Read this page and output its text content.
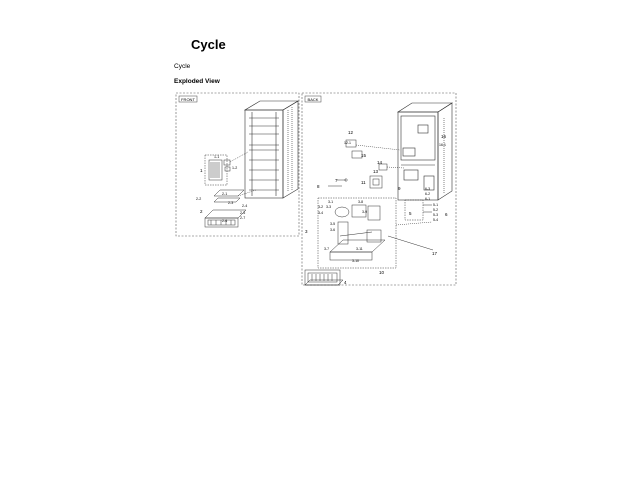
Cycle
Cycle
Exploded View
FRONT
1
2
1-1
1-2
2-1
2-2
2-3
2-4
2-5
2-6
2-7
BACK
3
4
5	6
7
8	9
10
11
12
13
14
15
16
17
3-1
3-2 3-3
3-4
3-5
3-6
3-7
3-8
3-9
3-10
3-11
5-1
5-2
5-3
5-4
6-1
6-2
6-3
12-1	16-1
